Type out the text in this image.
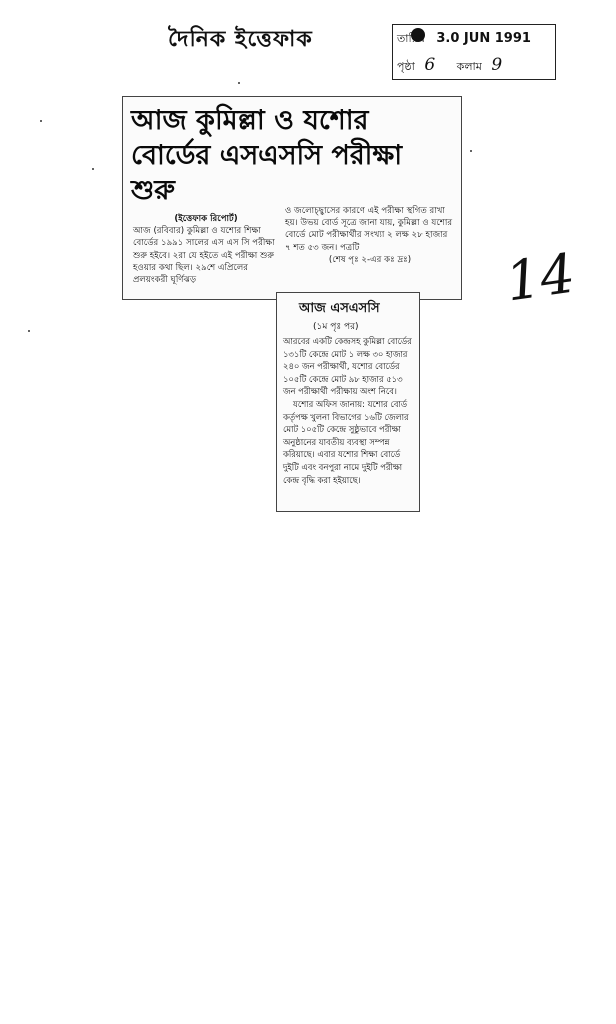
দৈনিক ইত্তেফাক	তারিখ 3.0 JUN 1991
পৃষ্ঠা 6 কলাম 9
আজ কুমিল্লা ও যশোর বোর্ডের এসএসসি পরীক্ষা শুরু

(ইত্তেফাক রিপোর্ট)

আজ (রবিবার) কুমিল্লা ও যশোর শিক্ষা বোর্ডের ১৯৯১ সালের এস এস সি পরীক্ষা শুরু হইবে। ২রা যে হইতে এই পরীক্ষা শুরু হওয়ার কথা ছিল। ২৯শে এপ্রিলের প্রলয়ংকরী ঘূর্ণিঝড়

ও জলোচ্ছ্বাসের কারণে এই পরীক্ষা স্থগিত রাখা হয়। উভয় বোর্ড সূত্রে জানা যায়, কুমিল্লা ও যশোর বোর্ডে মোট পরীক্ষার্থীর সংখ্যা ২ লক্ষ ২৮ হাজার ৭ শত ৫৩ জন। পত্রটি

(শেষ পৃঃ ২-এর কঃ দ্রঃ)

আজ এসএসসি
(১ম পৃঃ পর)

আরবের একটি কেন্দ্রসহ কুমিল্লা বোর্ডের ১৩১টি কেন্দ্রে মোট ১ লক্ষ ৩০ হাজার ২৪০ জন পরীক্ষার্থী, যশোর বোর্ডের ১০৫টি কেন্দ্রে মোট ৯৮ হাজার ৫১৩ জন পরীক্ষার্থী পরীক্ষায় অংশ নিবে।

যশোর অফিস জানায়: যশোর বোর্ড কর্তৃপক্ষ খুলনা বিভাগের ১৬টি জেলার মোট ১০৫টি কেন্দ্রে সুষ্ঠুভাবে পরীক্ষা অনুষ্ঠানের যাবতীয় ব্যবস্থা সম্পন্ন করিয়াছে। এবার যশোর শিক্ষা বোর্ডে দুইটি এবং বনপুরা নামে দুইটি পরীক্ষা কেন্দ্র বৃদ্ধি করা হইয়াছে।

14
